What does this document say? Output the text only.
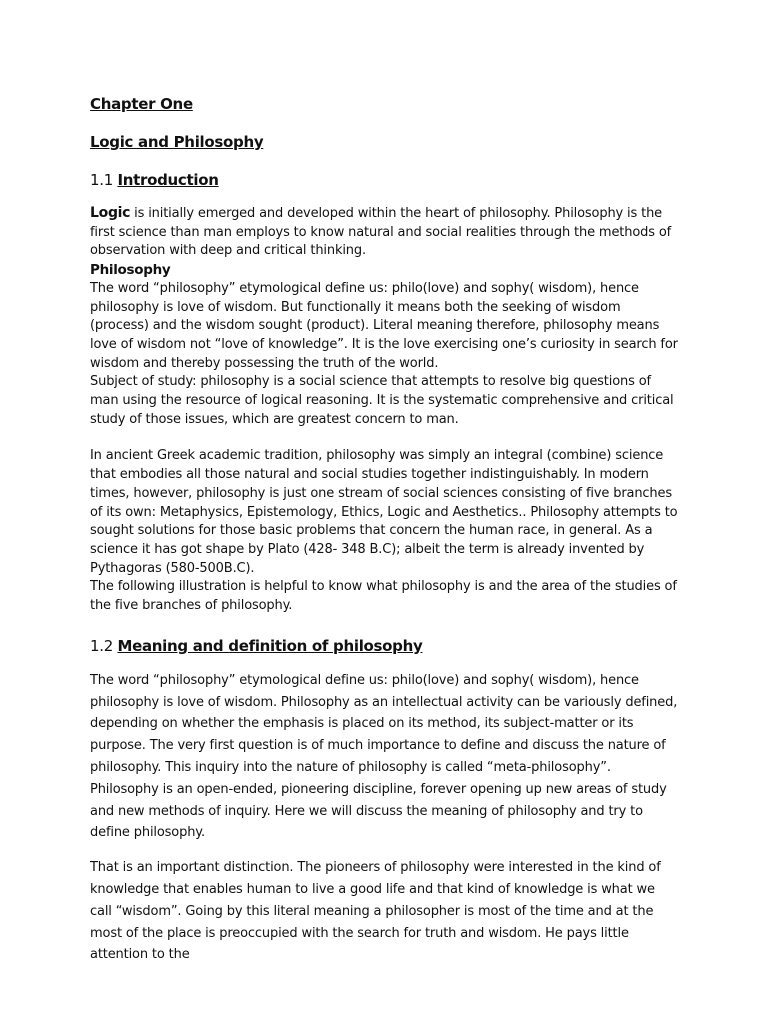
Chapter One
Logic and Philosophy
1.1 Introduction

Logic is initially emerged and developed within the heart of philosophy. Philosophy is the first science than man employs to know natural and social realities through the methods of observation with deep and critical thinking.

Philosophy

The word “philosophy” etymological define us: philo(love) and sophy( wisdom), hence philosophy is love of wisdom. But functionally it means both the seeking of wisdom (process) and the wisdom sought (product). Literal meaning therefore, philosophy means love of wisdom not “love of knowledge”. It is the love exercising one’s curiosity in search for wisdom and thereby possessing the truth of the world.

Subject of study: philosophy is a social science that attempts to resolve big questions of man using the resource of logical reasoning. It is the systematic comprehensive and critical study of those issues, which are greatest concern to man.

In ancient Greek academic tradition, philosophy was simply an integral (combine) science that embodies all those natural and social studies together indistinguishably. In modern times, however, philosophy is just one stream of social sciences consisting of five branches of its own: Metaphysics, Epistemology, Ethics, Logic and Aesthetics.. Philosophy attempts to sought solutions for those basic problems that concern the human race, in general. As a science it has got shape by Plato (428- 348 B.C); albeit the term is already invented by Pythagoras (580-500B.C).

The following illustration is helpful to know what philosophy is and the area of the studies of the five branches of philosophy.

1.2 Meaning and definition of philosophy

The word “philosophy” etymological define us: philo(love) and sophy( wisdom), hence philosophy is love of wisdom. Philosophy as an intellectual activity can be variously defined, depending on whether the emphasis is placed on its method, its subject-matter or its purpose. The very first question is of much importance to define and discuss the nature of philosophy. This inquiry into the nature of philosophy is called “meta-philosophy”. Philosophy is an open-ended, pioneering discipline, forever opening up new areas of study and new methods of inquiry. Here we will discuss the meaning of philosophy and try to define philosophy.

That is an important distinction. The pioneers of philosophy were interested in the kind of knowledge that enables human to live a good life and that kind of knowledge is what we call “wisdom”. Going by this literal meaning a philosopher is most of the time and at the most of the place is preoccupied with the search for truth and wisdom. He pays little attention to the
